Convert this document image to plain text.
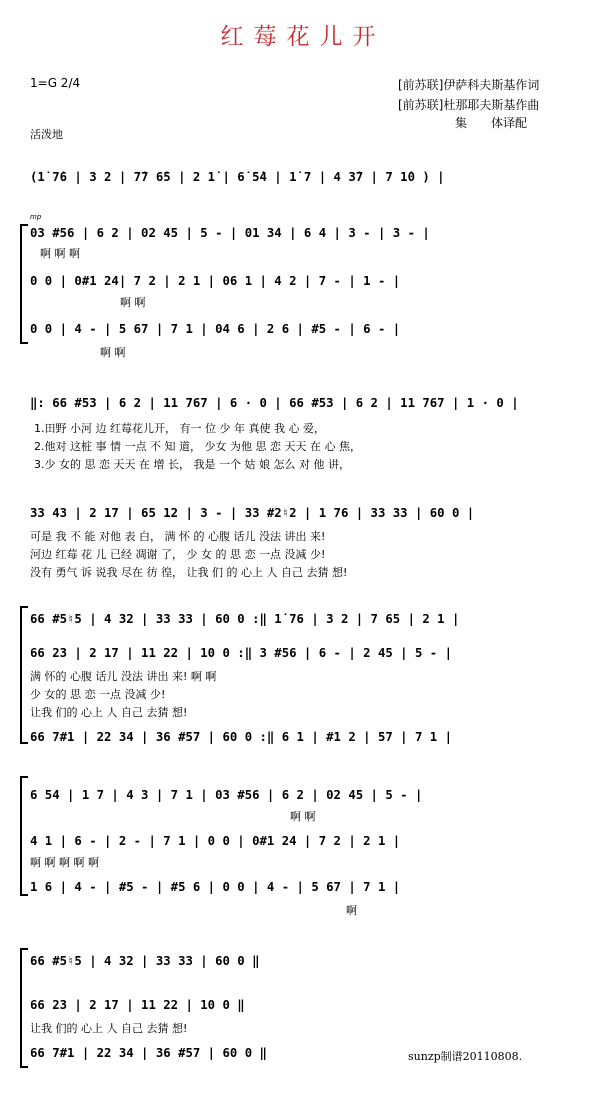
红莓花儿开
1=G 2/4	[前苏联]伊萨科夫斯基作词
[前苏联]杜那耶夫斯基作曲
集　　体译配
活泼地
(1̇ 7̇6 | 3 2 | 7̇7 6̇5 | 2 1̇ | 6̇ 5̇4 | 1̇ 7 | 4 3̇7 | 7 1̇0 ) |
mp
03 #56 | 6 2 | 02 45 | 5 - | 01 34 | 6 4 | 3 - | 3 - |
啊 啊 啊
0 0 | 0#1 24| 7 2 | 2 1 | 06 1 | 4 2 | 7 - | 1 - |
啊 啊
0 0 | 4 - | 5 67 | 7 1 | 04 6 | 2 6 | #5 - | 6 - |
啊 啊
‖: 66 #53 | 6 2 | 11 767 | 6 · 0 | 66 #53 | 6 2 | 11 767 | 1 · 0 |
1.田野 小河 边 红莓花儿开， 有一 位 少 年 真使 我 心 爱，
2.他对 这桩 事 情 一点 不 知 道， 少女 为他 思 恋 天天 在 心 焦，
3.少 女的 思 恋 天天 在 增 长， 我是 一个 姑 娘 怎么 对 他 讲，
33 43 | 2 17 | 65 12 | 3 - | 33 #2♮2 | 1 76 | 33 33 | 60 0 |
可是 我 不 能 对他 表 白， 满 怀 的 心腹 话儿 没法 讲出 来!
河边 红莓 花 儿 已经 凋谢 了， 少 女 的 思 恋 一点 没减 少!
没有 勇气 诉 说我 尽在 彷 徨， 让我 们 的 心上 人 自己 去猜 想!
66 #5♮5 | 4 32 | 33 33 | 60 0 :‖ 1̇ 76 | 3 2 | 7 65 | 2 1 |
66 23 | 2 17 | 11 22 | 10 0 :‖ 3 #56 | 6 - | 2 45 | 5 - |
满 怀的 心腹 话儿 没法 讲出 来! 啊 啊
少 女的 思 恋 一点 没减 少!
让我 们的 心上 人 自己 去猜 想!
66 7#1 | 22 34 | 36 #57 | 60 0 :‖ 6 1 | #1 2 | 57 | 7 1 |
6 54 | 1 7 | 4 3 | 7 1 | 03 #56 | 6 2 | 02 45 | 5 - |
啊 啊
4 1 | 6 - | 2 - | 7 1 | 0 0 | 0#1 24 | 7 2 | 2 1 |
啊 啊 啊 啊 啊
1 6 | 4 - | #5 - | #5 6 | 0 0 | 4 - | 5 67 | 7 1 |
啊
66 #5♮5 | 4 32 | 33 33 | 60 0 ‖
66 23 | 2 17 | 11 22 | 10 0 ‖
让我 们的 心上 人 自己 去猜 想!
66 7#1 | 22 34 | 36 #57 | 60 0 ‖	sunzp制谱20110808.
